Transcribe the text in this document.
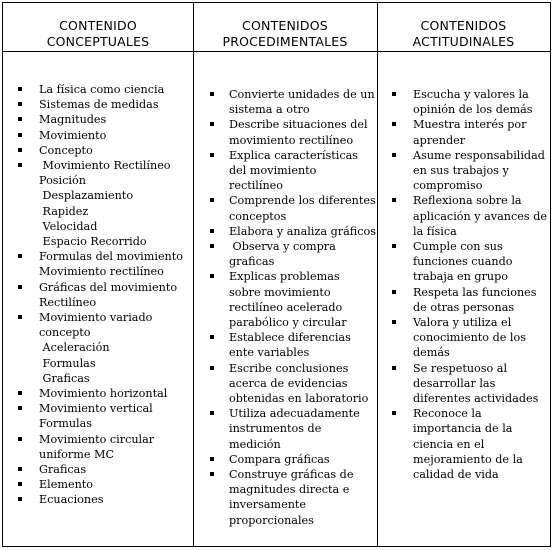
CONTENIDO
CONCEPTUALES
CONTENIDOS
PROCEDIMENTALES
CONTENIDOS
ACTITUDINALES
La física como ciencia
Sistemas de medidas
Magnitudes
Movimiento
Concepto
Movimiento Rectilíneo
Posición
Desplazamiento
Rapidez
Velocidad
Espacio Recorrido
Formulas del movimiento
Movimiento rectilíneo
Gráficas del movimiento
Rectilíneo
Movimiento variado
concepto
Aceleración
Formulas
Graficas
Movimiento horizontal
Movimiento vertical
Formulas
Movimiento circular
uniforme MC
Graficas
Elemento
Ecuaciones
Convierte unidades de un
sistema a otro
Describe situaciones del
movimiento rectilíneo
Explica características
del movimiento
rectilíneo
Comprende los diferentes
conceptos
Elabora y analiza gráficos
Observa y compra
graficas
Explicas problemas
sobre movimiento
rectilíneo acelerado
parabólico y circular
Establece diferencias
ente variables
Escribe conclusiones
acerca de evidencias
obtenidas en laboratorio
Utiliza adecuadamente
instrumentos de
medición
Compara gráficas
Construye gráficas de
magnitudes directa e
inversamente
proporcionales
Escucha y valores la
opinión de los demás
Muestra interés por
aprender
Asume responsabilidad
en sus trabajos y
compromiso
Reflexiona sobre la
aplicación y avances de
la física
Cumple con sus
funciones cuando
trabaja en grupo
Respeta las funciones
de otras personas
Valora y utiliza el
conocimiento de los
demás
Se respetuoso al
desarrollar las
diferentes actividades
Reconoce la
importancia de la
ciencia en el
mejoramiento de la
calidad de vida
